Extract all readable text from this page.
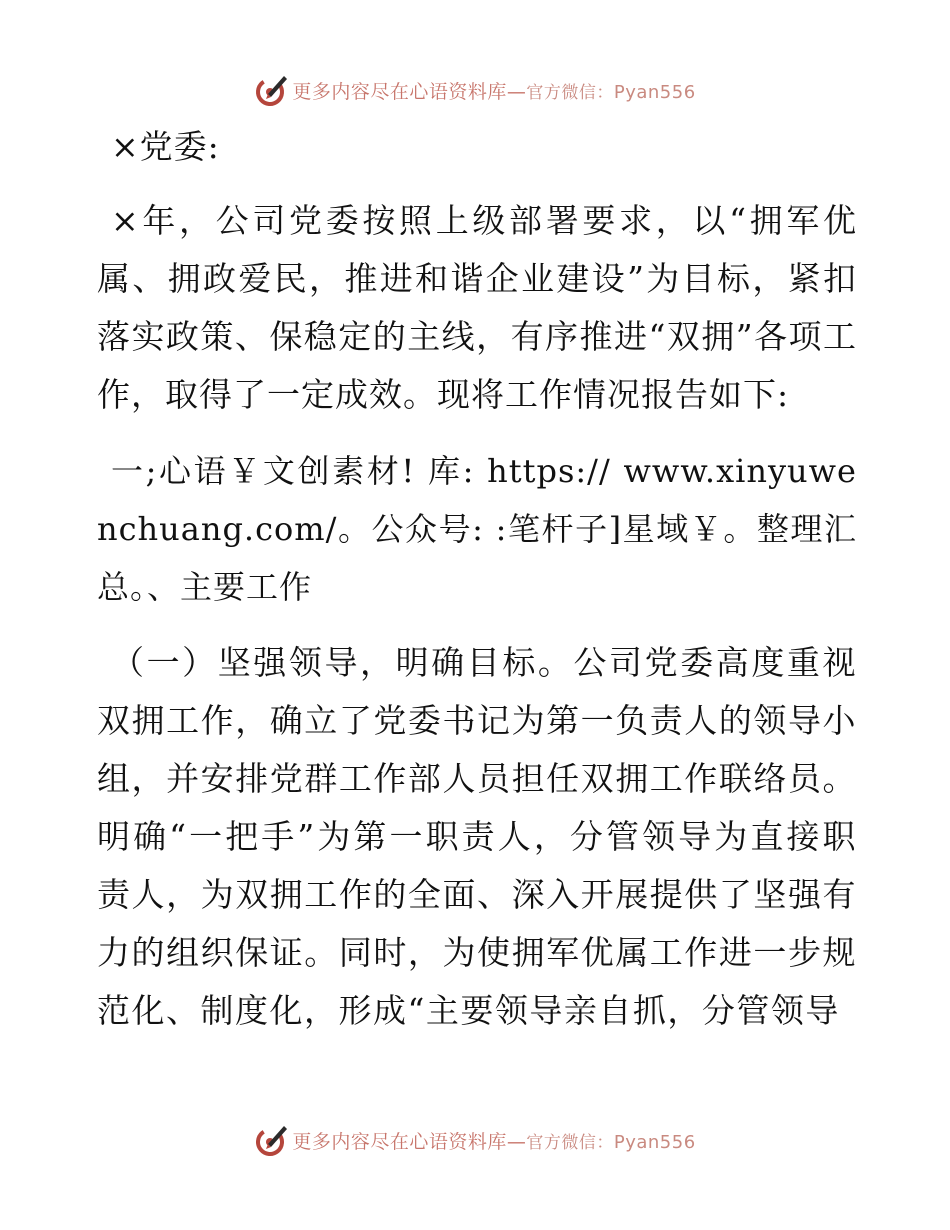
更多内容尽在心语资料库—官方微信：Pyan556

×党委:

×年，公司党委按照上级部署要求，以“拥军优属、拥政爱民，推进和谐企业建设”为目标，紧扣落实政策、保稳定的主线，有序推进“双拥”各项工作，取得了一定成效。现将工作情况报告如下:

一;心语￥文创素材! 库: https:// www.xinyuwenchuang.com/。公众号: :笔杆子]星域￥。整理汇总。、主要工作

（一）坚强领导，明确目标。公司党委高度重视双拥工作，确立了党委书记为第一负责人的领导小组，并安排党群工作部人员担任双拥工作联络员。明确“一把手”为第一职责人，分管领导为直接职责人，为双拥工作的全面、深入开展提供了坚强有力的组织保证。同时，为使拥军优属工作进一步规范化、制度化，形成“主要领导亲自抓，分管领导

更多内容尽在心语资料库—官方微信：Pyan556
